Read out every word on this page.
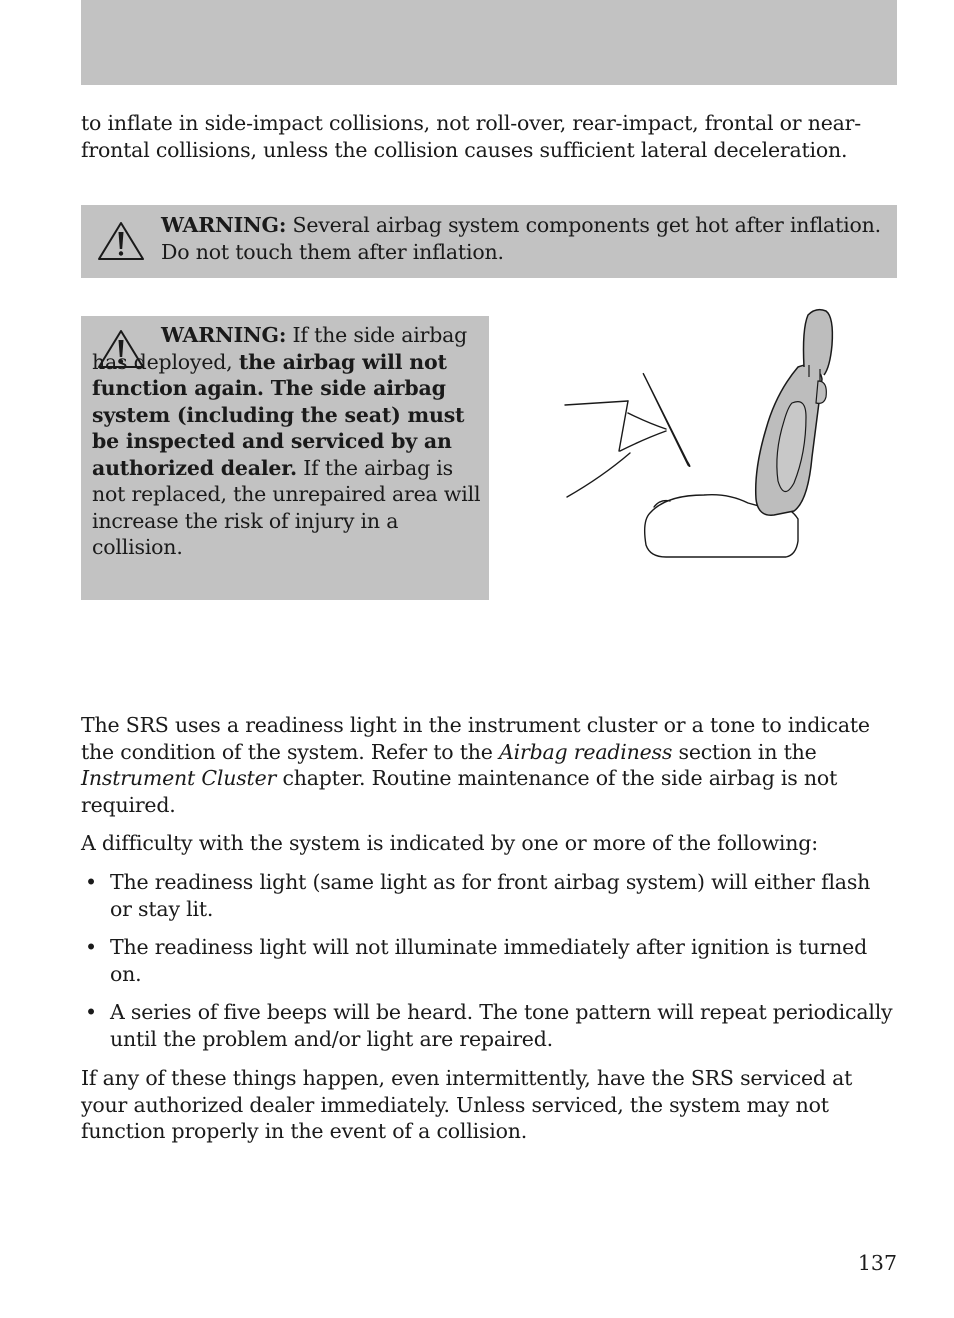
to inflate in side-impact collisions, not roll-over, rear-impact, frontal or near-frontal collisions, unless the collision causes sufficient lateral deceleration.

WARNING: Several airbag system components get hot after inflation. Do not touch them after inflation.

WARNING: If the side airbag has deployed, the airbag will not function again. The side airbag system (including the seat) must be inspected and serviced by an authorized dealer. If the airbag is not replaced, the unrepaired area will increase the risk of injury in a collision.

The SRS uses a readiness light in the instrument cluster or a tone to indicate the condition of the system. Refer to the Airbag readiness section in the Instrument Cluster chapter. Routine maintenance of the side airbag is not required.

A difficulty with the system is indicated by one or more of the following:

• The readiness light (same light as for front airbag system) will either flash or stay lit.
• The readiness light will not illuminate immediately after ignition is turned on.
• A series of five beeps will be heard. The tone pattern will repeat periodically until the problem and/or light are repaired.

If any of these things happen, even intermittently, have the SRS serviced at your authorized dealer immediately. Unless serviced, the system may not function properly in the event of a collision.

137
